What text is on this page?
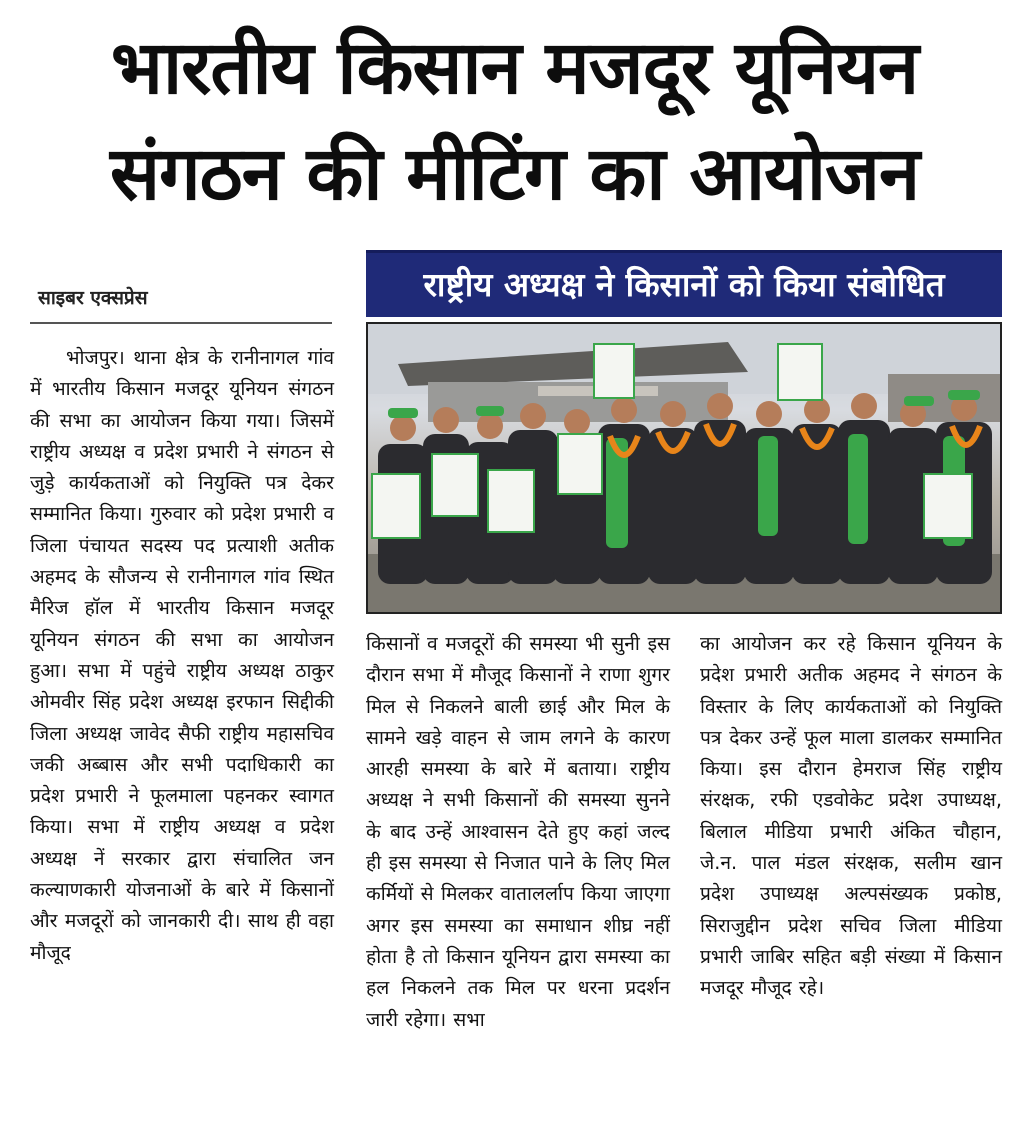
भारतीय किसान मजदूर यूनियन
संगठन की मीटिंग का आयोजन
साइबर एक्सप्रेस	राष्ट्रीय अध्यक्ष ने किसानों को किया संबोधित

भोजपुर। थाना क्षेत्र के रानीनागल गांव में भारतीय किसान मजदूर यूनियन संगठन की सभा का आयोजन किया गया। जिसमें राष्ट्रीय अध्यक्ष व प्रदेश प्रभारी ने संगठन से जुड़े कार्यकताओं को नियुक्ति पत्र देकर सम्मानित किया। गुरुवार को प्रदेश प्रभारी व जिला पंचायत सदस्य पद प्रत्याशी अतीक अहमद के सौजन्य से रानीनागल गांव स्थित मैरिज हॉल में भारतीय किसान मजदूर यूनियन संगठन की सभा का आयोजन हुआ। सभा में पहुंचे राष्ट्रीय अध्यक्ष ठाकुर ओमवीर सिंह प्रदेश अध्यक्ष इरफान सिद्दीकी जिला अध्यक्ष जावेद सैफी राष्ट्रीय महासचिव जकी अब्बास और सभी पदाधिकारी का प्रदेश प्रभारी ने फूलमाला पहनकर स्वागत किया। सभा में राष्ट्रीय अध्यक्ष व प्रदेश अध्यक्ष नें सरकार द्वारा संचालित जन कल्याणकारी योजनाओं के बारे में किसानों और मजदूरों को जानकारी दी। साथ ही वहा मौजूद

किसानों व मजदूरों की समस्या भी सुनी इस दौरान सभा में मौजूद किसानों ने राणा शुगर मिल से निकलने बाली छाई और मिल के सामने खड़े वाहन से जाम लगने के कारण आरही समस्या के बारे में बताया। राष्ट्रीय अध्यक्ष ने सभी किसानों की समस्या सुनने के बाद उन्हें आश्वासन देते हुए कहां जल्द ही इस समस्या से निजात पाने के लिए मिल कर्मियों से मिलकर वातालर्लाप किया जाएगा अगर इस समस्या का समाधान शीघ्र नहीं होता है तो किसान यूनियन द्वारा समस्या का हल निकलने तक मिल पर धरना प्रदर्शन जारी रहेगा। सभा

का आयोजन कर रहे किसान यूनियन के प्रदेश प्रभारी अतीक अहमद ने संगठन के विस्तार के लिए कार्यकताओं को नियुक्ति पत्र देकर उन्हें फूल माला डालकर सम्मानित किया। इस दौरान हेमराज सिंह राष्ट्रीय संरक्षक, रफी एडवोकेट प्रदेश उपाध्यक्ष, बिलाल मीडिया प्रभारी अंकित चौहान, जे.न. पाल मंडल संरक्षक, सलीम खान प्रदेश उपाध्यक्ष अल्पसंख्यक प्रकोष्ठ, सिराजुद्दीन प्रदेश सचिव जिला मीडिया प्रभारी जाबिर सहित बड़ी संख्या में किसान मजदूर मौजूद रहे।
